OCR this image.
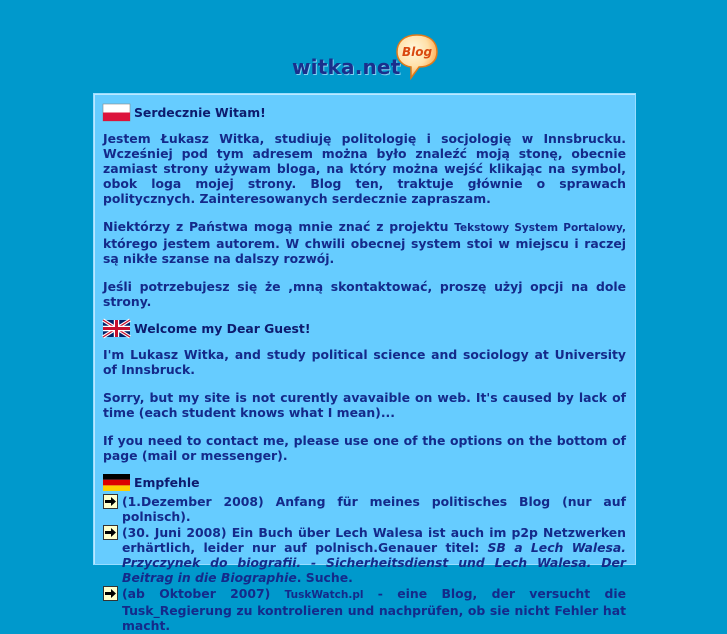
witka.net
Blog
Serdecznie Witam!

Jestem Łukasz Witka, studiuję politologię i socjologię w Innsbrucku. Wcześniej pod tym adresem można było znaleźć moją stonę, obecnie zamiast strony używam bloga, na który można wejść klikając na symbol, obok loga mojej strony. Blog ten, traktuje głównie o sprawach politycznych. Zainteresowanych serdecznie zapraszam.

Niektórzy z Państwa mogą mnie znać z projektu Tekstowy System Portalowy, którego jestem autorem. W chwili obecnej system stoi w miejscu i raczej są nikłe szanse na dalszy rozwój.

Jeśli potrzebujesz się że ,mną skontaktować, proszę użyj opcji na dole strony.

Welcome my Dear Guest!

I'm Lukasz Witka, and study political science and sociology at University of Innsbruck.

Sorry, but my site is not curently avavaible on web. It's caused by lack of time (each student knows what I mean)...

If you need to contact me, please use one of the options on the bottom of page (mail or messenger).

Empfehle
(1.Dezember 2008) Anfang für meines politisches Blog (nur auf polnisch).
(30. Juni 2008) Ein Buch über Lech Walesa ist auch im p2p Netzwerken erhärtlich, leider nur auf polnisch.Genauer titel: SB a Lech Walesa. Przyczynek do biografii. - Sicherheitsdienst und Lech Walesa. Der Beitrag in die Biographie. Suche.
(ab Oktober 2007) TuskWatch.pl - eine Blog, der versucht die Tusk_Regierung zu kontrolieren und nachprüfen, ob sie nicht Fehler hat macht.
